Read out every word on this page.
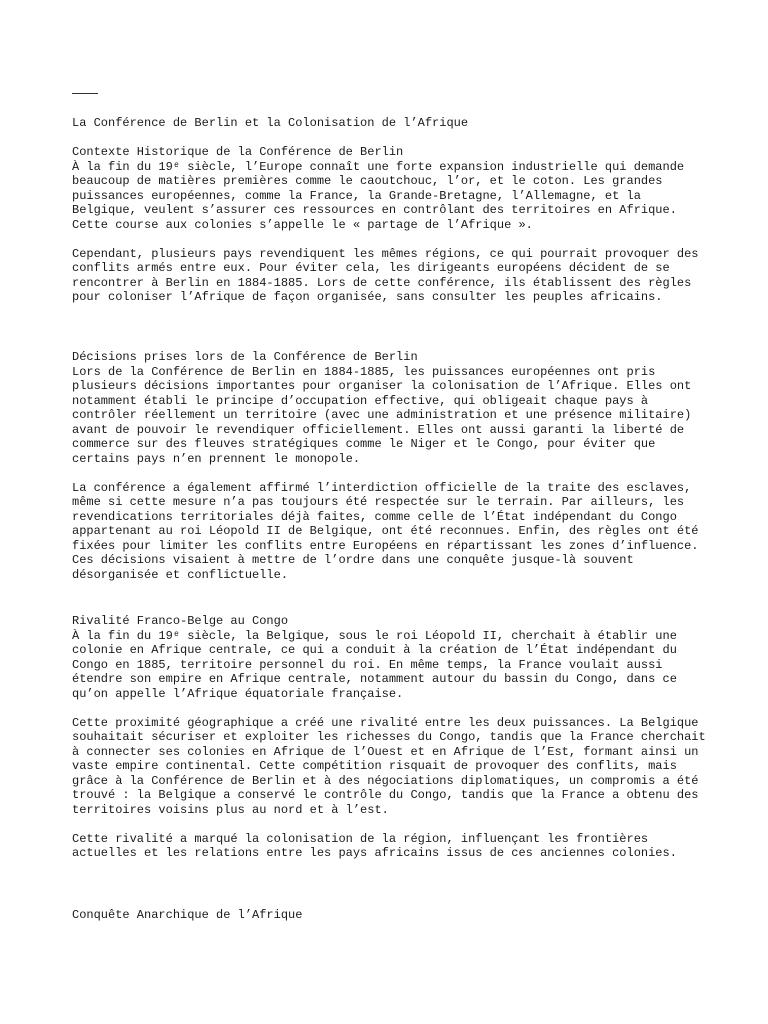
La Conférence de Berlin et la Colonisation de l’Afrique
Contexte Historique de la Conférence de Berlin

À la fin du 19ᵉ siècle, l’Europe connaît une forte expansion industrielle qui demande beaucoup de matières premières comme le caoutchouc, l’or, et le coton. Les grandes puissances européennes, comme la France, la Grande-Bretagne, l’Allemagne, et la Belgique, veulent s’assurer ces ressources en contrôlant des territoires en Afrique. Cette course aux colonies s’appelle le « partage de l’Afrique ».

Cependant, plusieurs pays revendiquent les mêmes régions, ce qui pourrait provoquer des conflits armés entre eux. Pour éviter cela, les dirigeants européens décident de se rencontrer à Berlin en 1884-1885. Lors de cette conférence, ils établissent des règles pour coloniser l’Afrique de façon organisée, sans consulter les peuples africains.

Décisions prises lors de la Conférence de Berlin

Lors de la Conférence de Berlin en 1884-1885, les puissances européennes ont pris plusieurs décisions importantes pour organiser la colonisation de l’Afrique. Elles ont notamment établi le principe d’occupation effective, qui obligeait chaque pays à contrôler réellement un territoire (avec une administration et une présence militaire) avant de pouvoir le revendiquer officiellement. Elles ont aussi garanti la liberté de commerce sur des fleuves stratégiques comme le Niger et le Congo, pour éviter que certains pays n’en prennent le monopole.

La conférence a également affirmé l’interdiction officielle de la traite des esclaves, même si cette mesure n’a pas toujours été respectée sur le terrain. Par ailleurs, les revendications territoriales déjà faites, comme celle de l’État indépendant du Congo appartenant au roi Léopold II de Belgique, ont été reconnues. Enfin, des règles ont été fixées pour limiter les conflits entre Européens en répartissant les zones d’influence. Ces décisions visaient à mettre de l’ordre dans une conquête jusque-là souvent désorganisée et conflictuelle.

Rivalité Franco-Belge au Congo

À la fin du 19ᵉ siècle, la Belgique, sous le roi Léopold II, cherchait à établir une colonie en Afrique centrale, ce qui a conduit à la création de l’État indépendant du Congo en 1885, territoire personnel du roi. En même temps, la France voulait aussi étendre son empire en Afrique centrale, notamment autour du bassin du Congo, dans ce qu’on appelle l’Afrique équatoriale française.

Cette proximité géographique a créé une rivalité entre les deux puissances. La Belgique souhaitait sécuriser et exploiter les richesses du Congo, tandis que la France cherchait à connecter ses colonies en Afrique de l’Ouest et en Afrique de l’Est, formant ainsi un vaste empire continental. Cette compétition risquait de provoquer des conflits, mais grâce à la Conférence de Berlin et à des négociations diplomatiques, un compromis a été trouvé : la Belgique a conservé le contrôle du Congo, tandis que la France a obtenu des territoires voisins plus au nord et à l’est.

Cette rivalité a marqué la colonisation de la région, influençant les frontières actuelles et les relations entre les pays africains issus de ces anciennes colonies.

Conquête Anarchique de l’Afrique
